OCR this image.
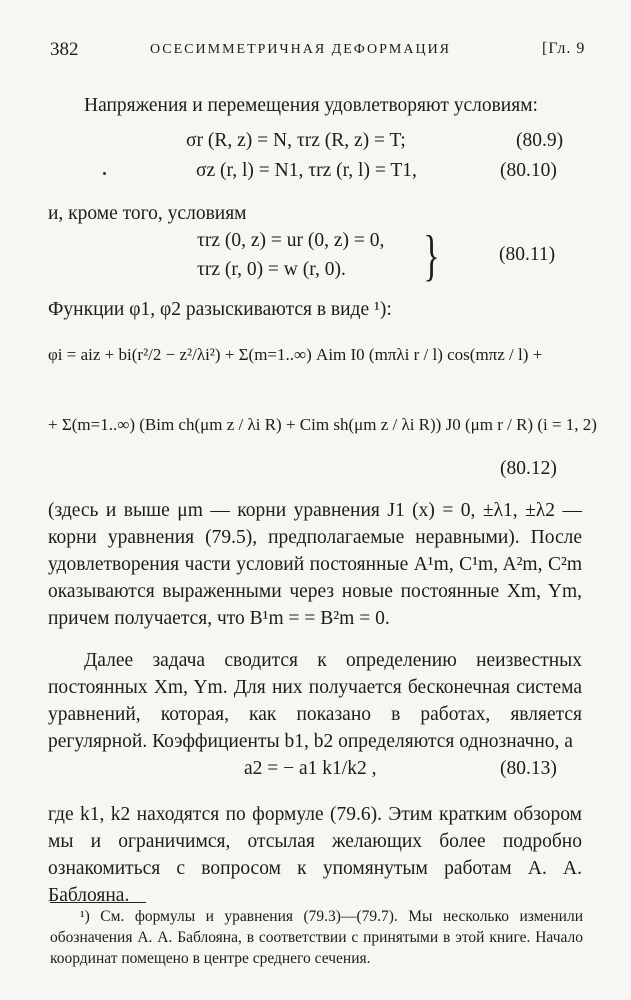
382	ОСЕСИММЕТРИЧНАЯ ДЕФОРМАЦИЯ	[Гл. 9
Напряжения и перемещения удовлетворяют условиям:
σr (R, z) = N, τrz (R, z) = T;	(80.9)
σz (r, l) = N1, τrz (r, l) = T1,	(80.10)
и, кроме того, условиям
τrz (0, z) = ur (0, z) = 0,
τrz (r, 0) = w (r, 0). }	(80.11)
Функции φ1, φ2 разыскиваются в виде ¹):
φi = aiz + bi(r²/2 − z²/λi²) + Σ(m=1..∞) Aim I0 (mπλi r / l) cos(mπz / l) +
+ Σ(m=1..∞) (Bim ch(μm z / λi R) + Cim sh(μm z / λi R)) J0 (μm r / R) (i = 1, 2)
(80.12)
(здесь и выше μm — корни уравнения J1 (x) = 0, ±λ1, ±λ2 — корни уравнения (79.5), предполагаемые неравными). После удовлетворения части условий постоянные A¹m, C¹m, A²m, C²m оказываются выраженными через новые постоянные Xm, Ym, причем получается, что B¹m = = B²m = 0.
Далее задача сводится к определению неизвестных постоянных Xm, Ym. Для них получается бесконечная система уравнений, которая, как показано в работах, является регулярной. Коэффициенты b1, b2 определяются однозначно, а
a2 = − a1 k1/k2 ,	(80.13)
где k1, k2 находятся по формуле (79.6). Этим кратким обзором мы и ограничимся, отсылая желающих более подробно ознакомиться с вопросом к упомянутым работам А. А. Баблояна.
¹) См. формулы и уравнения (79.3)—(79.7). Мы несколько изменили обозначения А. А. Баблояна, в соответствии с принятыми в этой книге. Начало координат помещено в центре среднего сечения.
